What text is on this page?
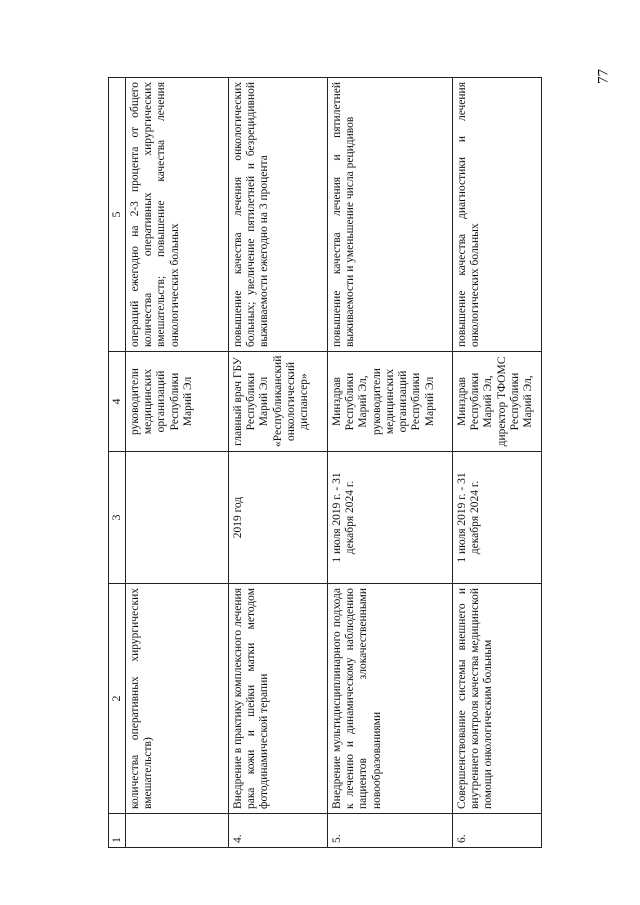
77
1	2	3	4	5
	количества оперативных хирургических вмешательств)		руководители медицинских организаций Республики Марий Эл	операций ежегодно на 2-3 процента от общего количества оперативных хирургических вмешательств; повышение качества лечения онкологических больных
4.	Внедрение в практику комплексного лечения рака кожи и шейки матки методом фотодинамической терапии	2019 год	главный врач ГБУ Республики Марий Эл «Республиканский онкологический диспансер»	повышение качества лечения онкологических больных; увеличение пятилетней и безрецидивной выживаемости ежегодно на 3 процента
5.	Внедрение мультидисциплинарного подхода к лечению и динамическому наблюдению пациентов злокачественными новообразованиями	1 июля 2019 г. - 31 декабря 2024 г.	Минздрав Республики Марий Эл, руководители медицинских организаций Республики Марий Эл	повышение качества лечения и пятилетней выживаемости и уменьшение числа рецидивов
6.	Совершенствование системы внешнего и внутреннего контроля качества медицинской помощи онкологическим больным	1 июля 2019 г. - 31 декабря 2024 г.	Минздрав Республики Марий Эл, директор ТФОМС Республики Марий Эл,	повышение качества диагностики и лечения онкологических больных
